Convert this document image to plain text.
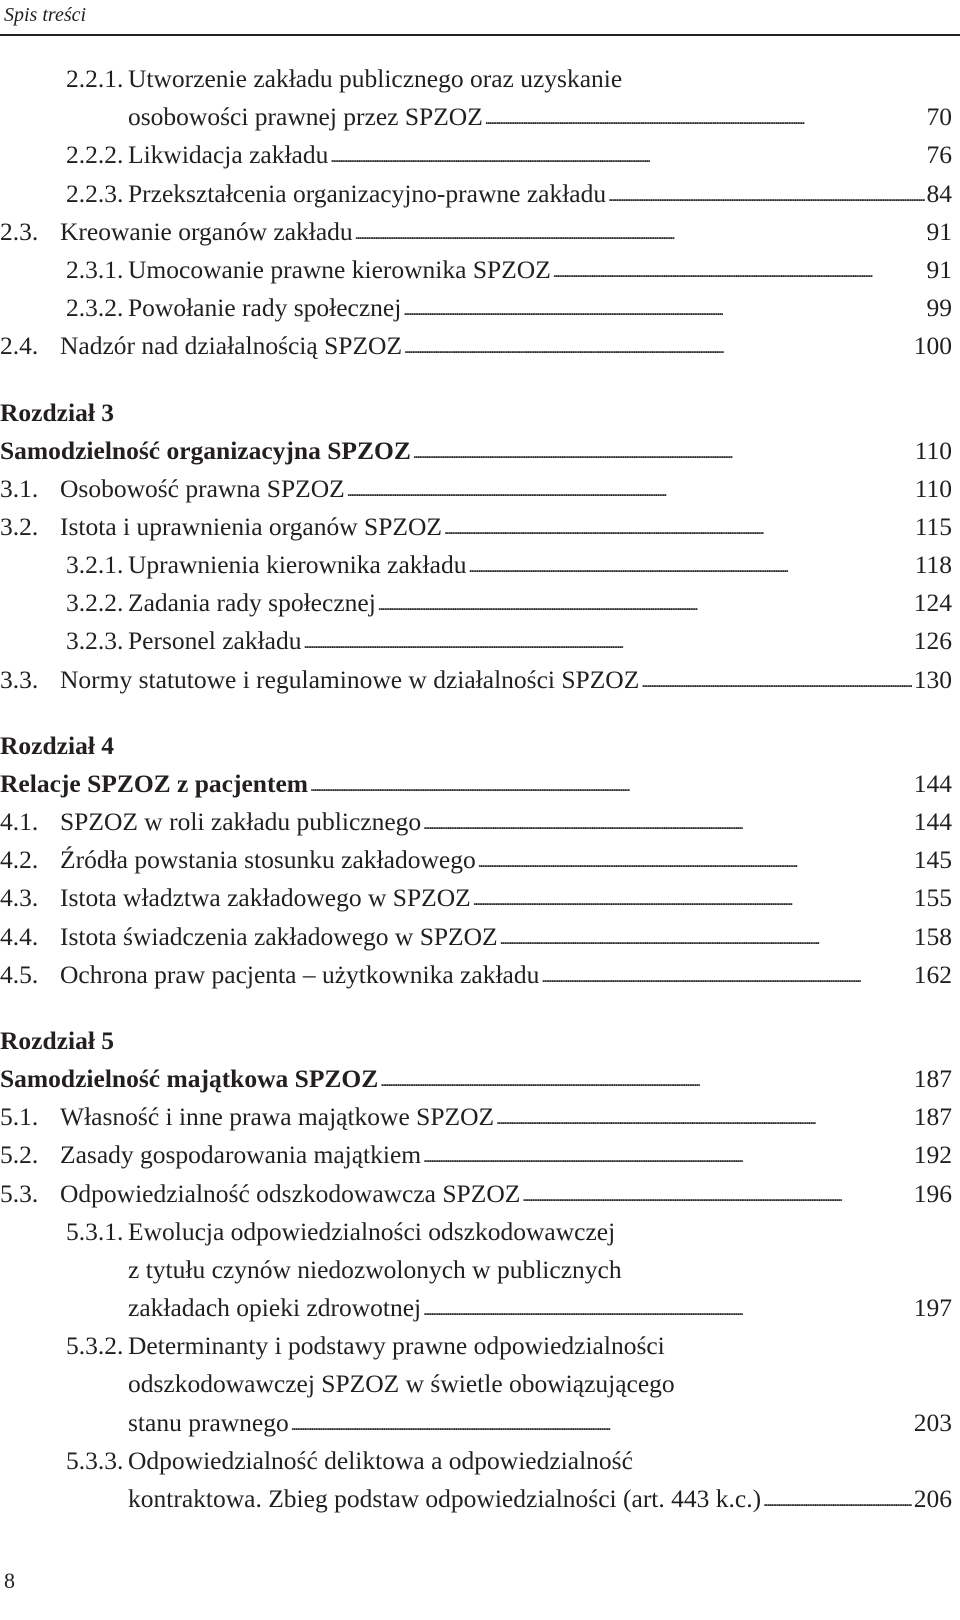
Spis treści
2.2.1. Utworzenie zakładu publicznego oraz uzyskanie
osobowości prawnej przez SPZOZ . . .	70
2.2.2. Likwidacja zakładu . . .	76
2.2.3. Przekształcenia organizacyjno-prawne zakładu . . .	84
2.3. Kreowanie organów zakładu . . .	91
2.3.1. Umocowanie prawne kierownika SPZOZ . . .	91
2.3.2. Powołanie rady społecznej . . .	99
2.4. Nadzór nad działalnością SPZOZ . . .	100
Rozdział 3
Samodzielność organizacyjna SPZOZ . . .	110
3.1. Osobowość prawna SPZOZ . . .	110
3.2. Istota i uprawnienia organów SPZOZ . . .	115
3.2.1. Uprawnienia kierownika zakładu . . .	118
3.2.2. Zadania rady społecznej . . .	124
3.2.3. Personel zakładu . . .	126
3.3. Normy statutowe i regulaminowe w działalności SPZOZ . . .	130
Rozdział 4
Relacje SPZOZ z pacjentem . . .	144
4.1. SPZOZ w roli zakładu publicznego . . .	144
4.2. Źródła powstania stosunku zakładowego . . .	145
4.3. Istota władztwa zakładowego w SPZOZ . . .	155
4.4. Istota świadczenia zakładowego w SPZOZ . . .	158
4.5. Ochrona praw pacjenta – użytkownika zakładu . . .	162
Rozdział 5
Samodzielność majątkowa SPZOZ . . .	187
5.1. Własność i inne prawa majątkowe SPZOZ . . .	187
5.2. Zasady gospodarowania majątkiem . . .	192
5.3. Odpowiedzialność odszkodowawcza SPZOZ . . .	196
5.3.1. Ewolucja odpowiedzialności odszkodowawczej
z tytułu czynów niedozwolonych w publicznych
zakładach opieki zdrowotnej . . .	197
5.3.2. Determinanty i podstawy prawne odpowiedzialności
odszkodowawczej SPZOZ w świetle obowiązującego
stanu prawnego . . .	203
5.3.3. Odpowiedzialność deliktowa a odpowiedzialność
kontraktowa. Zbieg podstaw odpowiedzialności (art. 443 k.c.) . . .	206
8
